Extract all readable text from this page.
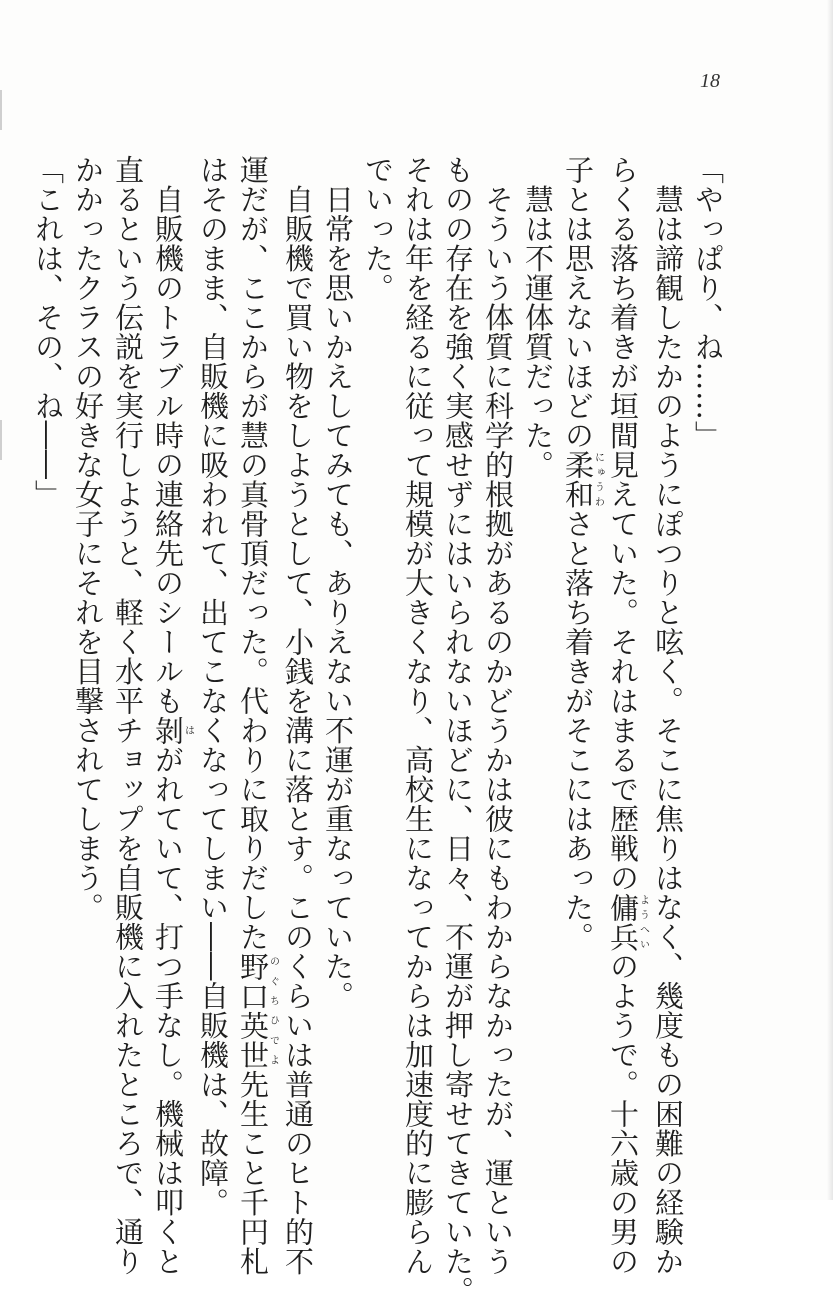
18
「やっぱり、ね……」
　慧は諦観したかのようにぽつりと呟く。そこに焦りはなく、幾度もの困難の経験か
らくる落ち着きが垣間見えていた。それはまるで歴戦の傭兵ようへいのようで。十六歳の男の
子とは思えないほどの柔和にゅうわさと落ち着きがそこにはあった。
　慧は不運体質だった。
　そういう体質に科学的根拠があるのかどうかは彼にもわからなかったが、運という
ものの存在を強く実感せずにはいられないほどに、日々、不運が押し寄せてきていた。
それは年を経るに従って規模が大きくなり、高校生になってからは加速度的に膨らん
でいった。
　日常を思いかえしてみても、ありえない不運が重なっていた。
　自販機で買い物をしようとして、小銭を溝に落とす。このくらいは普通のヒト的不
運だが、ここからが慧の真骨頂だった。代わりに取りだした野口英世のぐちひでよ先生こと千円札
はそのまま、自販機に吸われて、出てこなくなってしまい――自販機は、故障。
　自販機のトラブル時の連絡先のシールも剝はがれていて、打つ手なし。機械は叩くと
直るという伝説を実行しようと、軽く水平チョップを自販機に入れたところで、通り
かかったクラスの好きな女子にそれを目撃されてしまう。
「これは、その、ね――」
